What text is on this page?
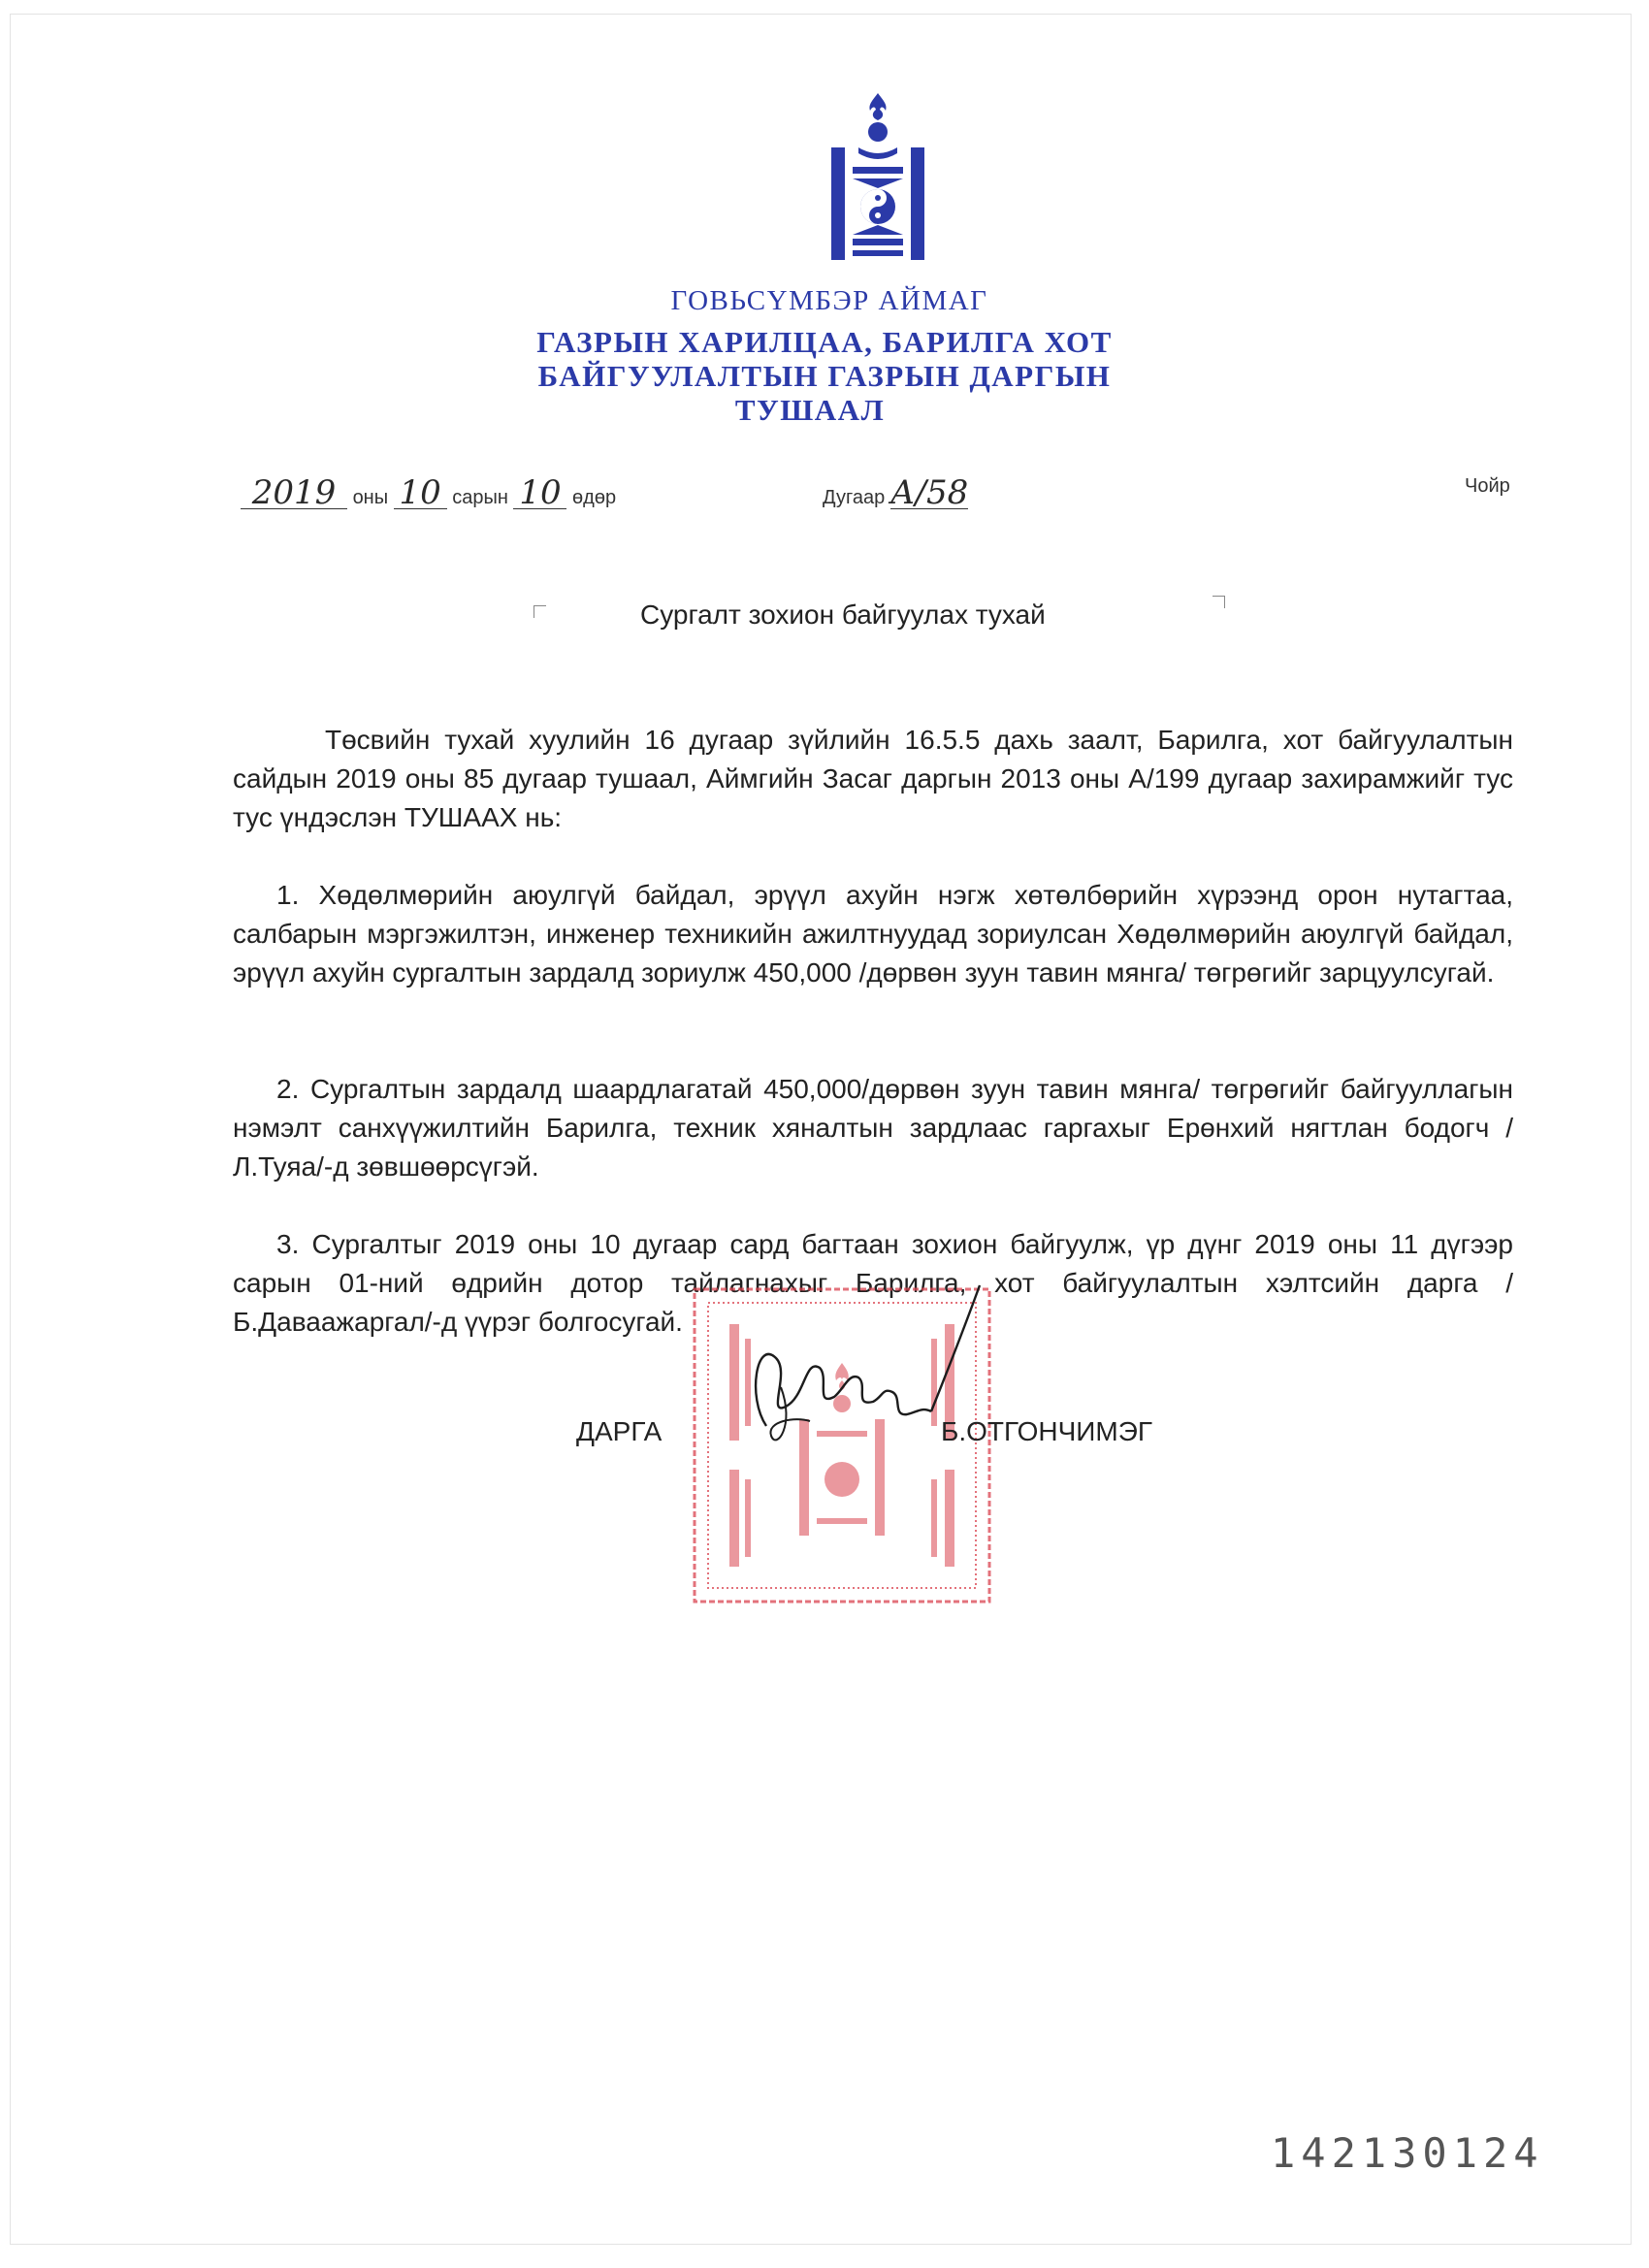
ГОВЬСҮМБЭР АЙМАГ
ГАЗРЫН ХАРИЛЦАА, БАРИЛГА ХОТ
БАЙГУУЛАЛТЫН ГАЗРЫН ДАРГЫН
ТУШААЛ
2019 оны 10 сарын 10 өдөр	Дугаар А/58	Чойр
Сургалт зохион байгуулах тухай

Төсвийн тухай хуулийн 16 дугаар зүйлийн 16.5.5 дахь заалт, Барилга, хот байгуулалтын сайдын 2019 оны 85 дугаар тушаал, Аймгийн Засаг даргын 2013 оны А/199 дугаар захирамжийг тус тус үндэслэн ТУШААХ нь:

1. Хөдөлмөрийн аюулгүй байдал, эрүүл ахуйн нэгж хөтөлбөрийн хүрээнд орон нутагтаа, салбарын мэргэжилтэн, инженер техникийн ажилтнуудад зориулсан Хөдөлмөрийн аюулгүй байдал, эрүүл ахуйн сургалтын зардалд зориулж 450,000 /дөрвөн зуун тавин мянга/ төгрөгийг зарцуулсугай.

2. Сургалтын зардалд шаардлагатай 450,000/дөрвөн зуун тавин мянга/ төгрөгийг байгууллагын нэмэлт санхүүжилтийн Барилга, техник хяналтын зардлаас гаргахыг Ерөнхий нягтлан бодогч /Л.Туяа/-д зөвшөөрсүгэй.

3. Сургалтыг 2019 оны 10 дугаар сард багтаан зохион байгуулж, үр дүнг 2019 оны 11 дүгээр сарын 01-ний өдрийн дотор тайлагнахыг Барилга, хот байгуулалтын хэлтсийн дарга /Б.Даваажаргал/-д үүрэг болгосугай.

ДАРГА	Б.ОТГОНЧИМЭГ
142130124
